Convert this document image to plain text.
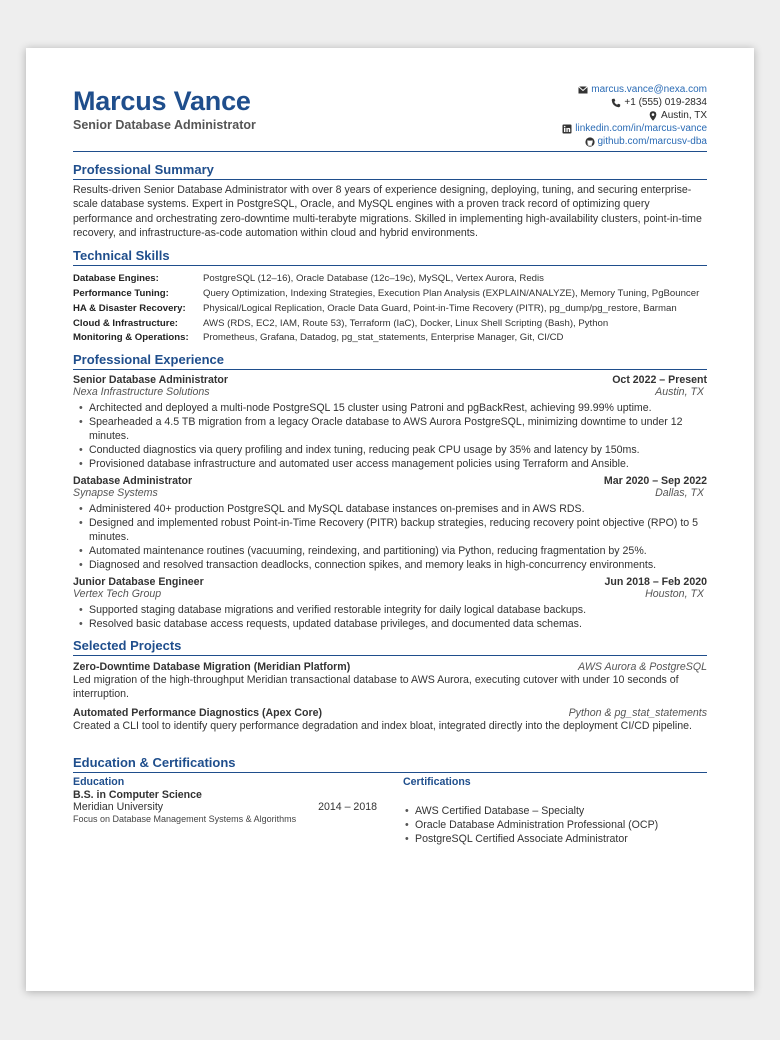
Marcus Vance
Senior Database Administrator
marcus.vance@nexa.com
+1 (555) 019-2834
Austin, TX
linkedin.com/in/marcus-vance
github.com/marcusv-dba
Professional Summary
Results-driven Senior Database Administrator with over 8 years of experience designing, deploying, tuning, and securing enterprise-scale database systems. Expert in PostgreSQL, Oracle, and MySQL engines with a proven track record of optimizing query performance and orchestrating zero-downtime multi-terabyte migrations. Skilled in implementing high-availability clusters, point-in-time recovery, and infrastructure-as-code automation within cloud and hybrid environments.
Technical Skills
Database Engines:	PostgreSQL (12–16), Oracle Database (12c–19c), MySQL, Vertex Aurora, Redis
Performance Tuning:	Query Optimization, Indexing Strategies, Execution Plan Analysis (EXPLAIN/ANALYZE), Memory Tuning, PgBouncer
HA & Disaster Recovery:	Physical/Logical Replication, Oracle Data Guard, Point-in-Time Recovery (PITR), pg_dump/pg_restore, Barman
Cloud & Infrastructure:	AWS (RDS, EC2, IAM, Route 53), Terraform (IaC), Docker, Linux Shell Scripting (Bash), Python
Monitoring & Operations:	Prometheus, Grafana, Datadog, pg_stat_statements, Enterprise Manager, Git, CI/CD
Professional Experience
Senior Database Administrator	Oct 2022 – Present
Nexa Infrastructure Solutions	Austin, TX
• Architected and deployed a multi-node PostgreSQL 15 cluster using Patroni and pgBackRest, achieving 99.99% uptime.
• Spearheaded a 4.5 TB migration from a legacy Oracle database to AWS Aurora PostgreSQL, minimizing downtime to under 12 minutes.
• Conducted diagnostics via query profiling and index tuning, reducing peak CPU usage by 35% and latency by 150ms.
• Provisioned database infrastructure and automated user access management policies using Terraform and Ansible.
Database Administrator	Mar 2020 – Sep 2022
Synapse Systems	Dallas, TX
• Administered 40+ production PostgreSQL and MySQL database instances on-premises and in AWS RDS.
• Designed and implemented robust Point-in-Time Recovery (PITR) backup strategies, reducing recovery point objective (RPO) to 5 minutes.
• Automated maintenance routines (vacuuming, reindexing, and partitioning) via Python, reducing fragmentation by 25%.
• Diagnosed and resolved transaction deadlocks, connection spikes, and memory leaks in high-concurrency environments.
Junior Database Engineer	Jun 2018 – Feb 2020
Vertex Tech Group	Houston, TX
• Supported staging database migrations and verified restorable integrity for daily logical database backups.
• Resolved basic database access requests, updated database privileges, and documented data schemas.
Selected Projects
Zero-Downtime Database Migration (Meridian Platform)	AWS Aurora & PostgreSQL
Led migration of the high-throughput Meridian transactional database to AWS Aurora, executing cutover with under 10 seconds of interruption.
Automated Performance Diagnostics (Apex Core)	Python & pg_stat_statements
Created a CLI tool to identify query performance degradation and index bloat, integrated directly into the deployment CI/CD pipeline.
Education & Certifications
Education
B.S. in Computer Science
Meridian University	2014 – 2018
Focus on Database Management Systems & Algorithms
Certifications
• AWS Certified Database – Specialty
• Oracle Database Administration Professional (OCP)
• PostgreSQL Certified Associate Administrator
